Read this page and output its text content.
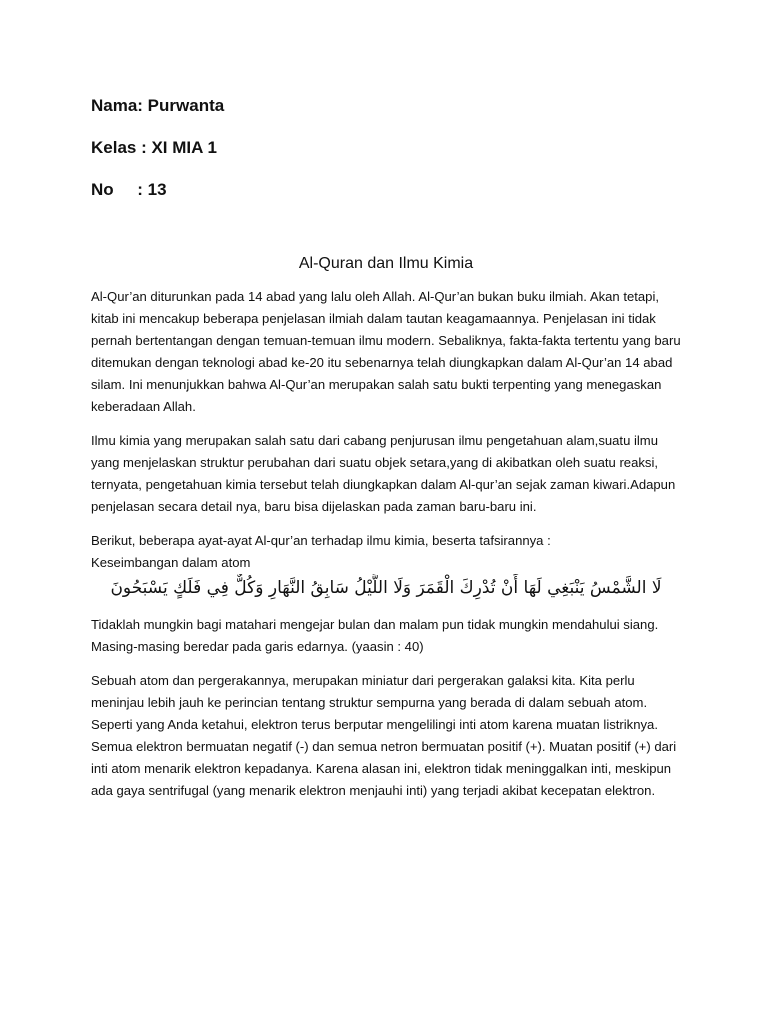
Nama: Purwanta
Kelas : XI MIA 1
No     : 13
Al-Quran dan Ilmu Kimia

Al-Qur’an diturunkan pada 14 abad yang lalu oleh Allah. Al-Qur’an bukan buku ilmiah. Akan tetapi, kitab ini mencakup beberapa penjelasan ilmiah dalam tautan keagamaannya. Penjelasan ini tidak pernah bertentangan dengan temuan-temuan ilmu modern. Sebaliknya, fakta-fakta tertentu yang baru ditemukan dengan teknologi abad ke-20 itu sebenarnya telah diungkapkan dalam Al-Qur’an 14 abad silam. Ini menunjukkan bahwa Al-Qur’an merupakan salah satu bukti terpenting yang menegaskan keberadaan Allah.

Ilmu kimia yang merupakan salah satu dari cabang penjurusan ilmu pengetahuan alam,suatu ilmu yang menjelaskan struktur perubahan dari suatu objek setara,yang di akibatkan oleh suatu reaksi, ternyata, pengetahuan kimia tersebut telah diungkapkan dalam Al-qur’an sejak zaman kiwari.Adapun penjelasan secara detail nya, baru bisa dijelaskan pada zaman baru-baru ini.

Berikut, beberapa ayat-ayat Al-qur’an terhadap ilmu kimia, beserta tafsirannya :
Keseimbangan dalam atom

لَا الشَّمْسُ يَنْبَغِي لَهَا أَنْ تُدْرِكَ الْقَمَرَ وَلَا اللَّيْلُ سَابِقُ النَّهَارِ وَكُلٌّ فِي فَلَكٍ يَسْبَحُونَ

Tidaklah mungkin bagi matahari mengejar bulan dan malam pun tidak mungkin mendahului siang. Masing-masing beredar pada garis edarnya. (yaasin : 40)

Sebuah atom dan pergerakannya, merupakan miniatur dari pergerakan galaksi kita. Kita perlu meninjau lebih jauh ke perincian tentang struktur sempurna yang berada di dalam sebuah atom. Seperti yang Anda ketahui, elektron terus berputar mengelilingi inti atom karena muatan listriknya. Semua elektron bermuatan negatif (-) dan semua netron bermuatan positif (+). Muatan positif (+) dari inti atom menarik elektron kepadanya. Karena alasan ini, elektron tidak meninggalkan inti, meskipun ada gaya sentrifugal (yang menarik elektron menjauhi inti) yang terjadi akibat kecepatan elektron.
